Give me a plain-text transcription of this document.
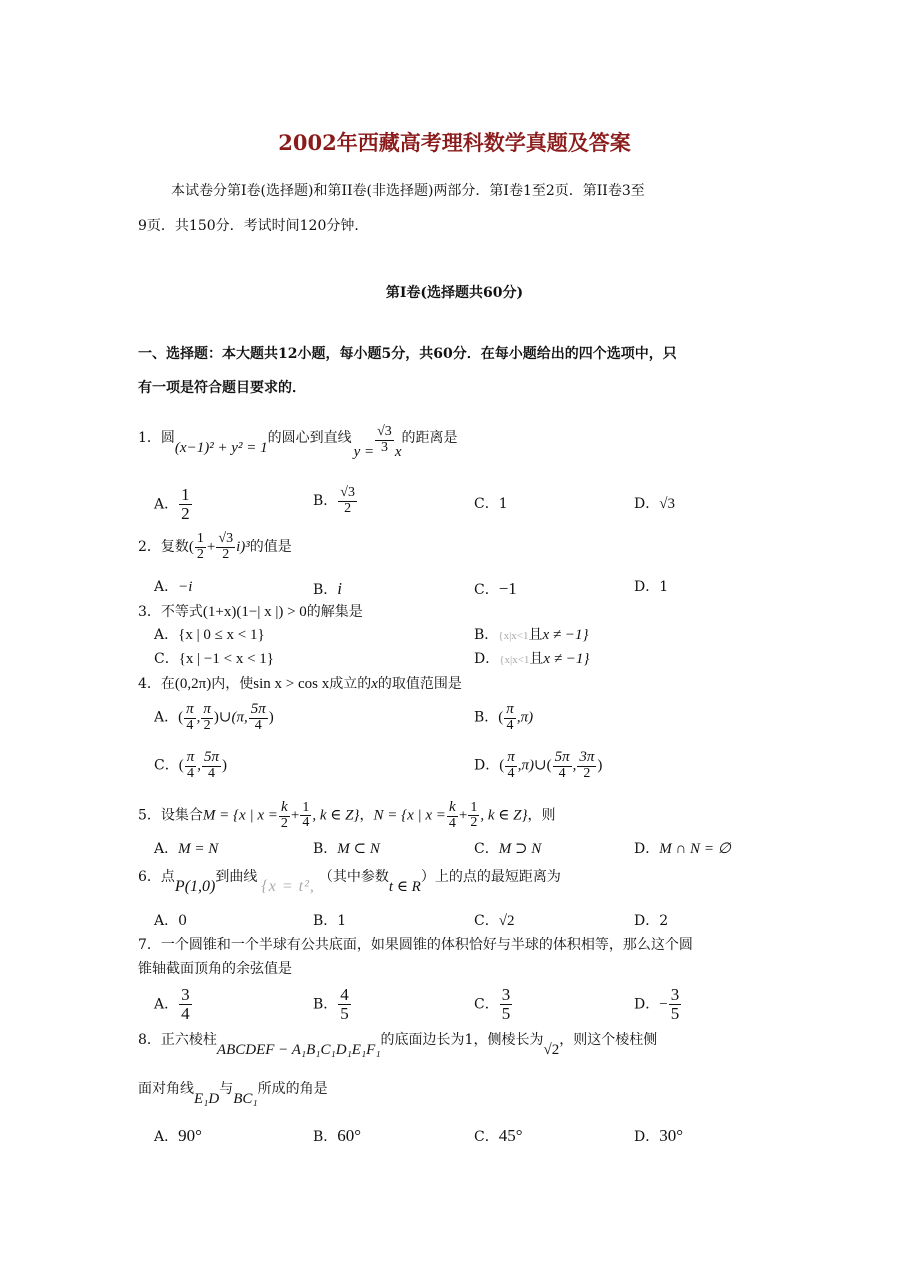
2002年西藏高考理科数学真题及答案
本试卷分第Ⅰ卷(选择题)和第II卷(非选择题)两部分．第Ⅰ卷1至2页．第II卷3至
9页．共150分．考试时间120分钟．
第Ⅰ卷(选择题共60分)
一、选择题：本大题共12小题，每小题5分，共60分．在每小题给出的四个选项中，只
有一项是符合题目要求的．
1．圆(x−1)² + y² = 1的圆心到直线$y = \frac{√3}{3}$ x的距离是
A． $\frac{1}{2}$	B． $\frac{√3}{2}$	C．1	D．√3
2．复数( $\frac{1}{2} + \frac{√3}{2} i)^3$的值是
A．−i	B．i	C．−1	D．1
3．不等式(1+x)(1−| x |) > 0的解集是
A．{x | 0 ≤ x < 1}	B．{x|x<1且x ≠ −1}
C．{x | −1 < x < 1}	D．{x|x<1且x ≠ −1}
4．在(0,2π)内，使sin x > cos x成立的x的取值范围是
A．( $\frac{\pi}{4}$ , $\frac{\pi}{2}$ )∪(π, $\frac{5\pi}{4}$ )	B．( $\frac{\pi}{4} ,\pi$)
C．( $\frac{\pi}{4}$ , $\frac{5\pi}{4}$ )	D．( $\frac{\pi}{4}$ ,π)∪( $\frac{5\pi}{4}$ , $\frac{3\pi}{2}$ )
5．设集合M = {x | $x = \frac{k}{2} + \frac{1}{4}$ , k ∈ Z}，N = {x | $x = \frac{k}{4} + \frac{1}{2}$ , k ∈ Z}，则
A．M = N	B．M ⊂ N	C．M ⊃ N	D．M ∩ N = ∅
6．点P(1,0)到曲线{x = t²,（其中参数t ∈ R）上的点的最短距离为
A．0	B．1	C．√2	D．2
7．一个圆锥和一个半球有公共底面，如果圆锥的体积恰好与半球的体积相等，那么这个圆
锥轴截面顶角的余弦值是
A． $\frac{3}{4}$	B． $\frac{4}{5}$	C． $\frac{3}{5}$	D．− $\frac{3}{5}$
8．正六棱柱ABCDEF − A₁B₁C₁D₁E₁F₁的底面边长为1，侧棱长为√2，则这个棱柱侧
面对角线E₁D与BC₁所成的角是
A．90°	B．60°	C．45°	D．30°
